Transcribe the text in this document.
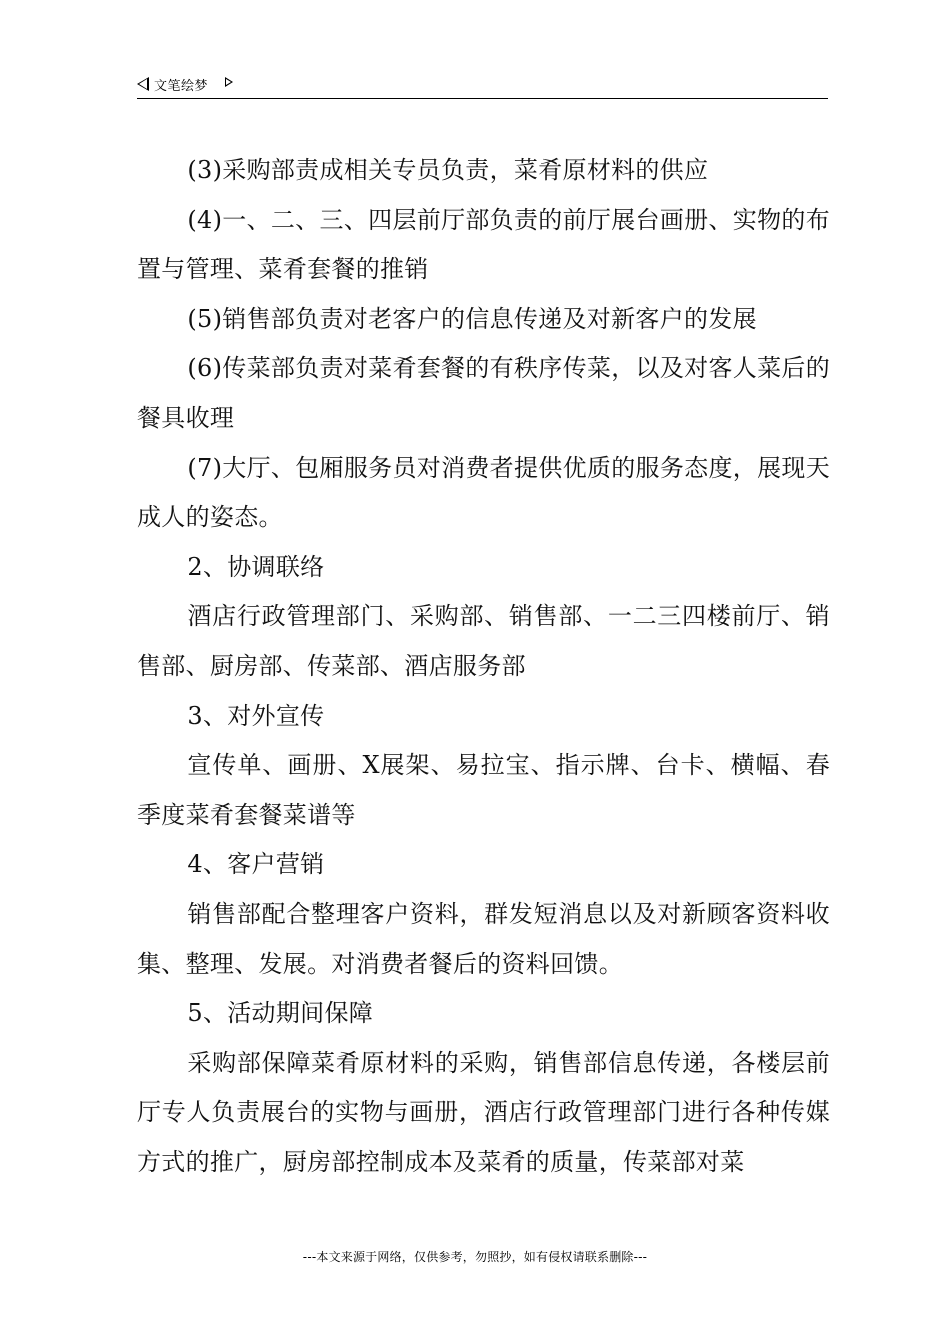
文笔绘梦

(3)采购部责成相关专员负责，菜肴原材料的供应

(4)一、二、三、四层前厅部负责的前厅展台画册、实物的布置与管理、菜肴套餐的推销

(5)销售部负责对老客户的信息传递及对新客户的发展

(6)传菜部负责对菜肴套餐的有秩序传菜，以及对客人菜后的餐具收理

(7)大厅、包厢服务员对消费者提供优质的服务态度，展现天成人的姿态。

2、协调联络

酒店行政管理部门、采购部、销售部、一二三四楼前厅、销售部、厨房部、传菜部、酒店服务部

3、对外宣传

宣传单、画册、X展架、易拉宝、指示牌、台卡、横幅、春季度菜肴套餐菜谱等

4、客户营销

销售部配合整理客户资料，群发短消息以及对新顾客资料收集、整理、发展。对消费者餐后的资料回馈。

5、活动期间保障

采购部保障菜肴原材料的采购，销售部信息传递，各楼层前厅专人负责展台的实物与画册，酒店行政管理部门进行各种传媒方式的推广，厨房部控制成本及菜肴的质量，传菜部对菜

---本文来源于网络，仅供参考，勿照抄，如有侵权请联系删除---
